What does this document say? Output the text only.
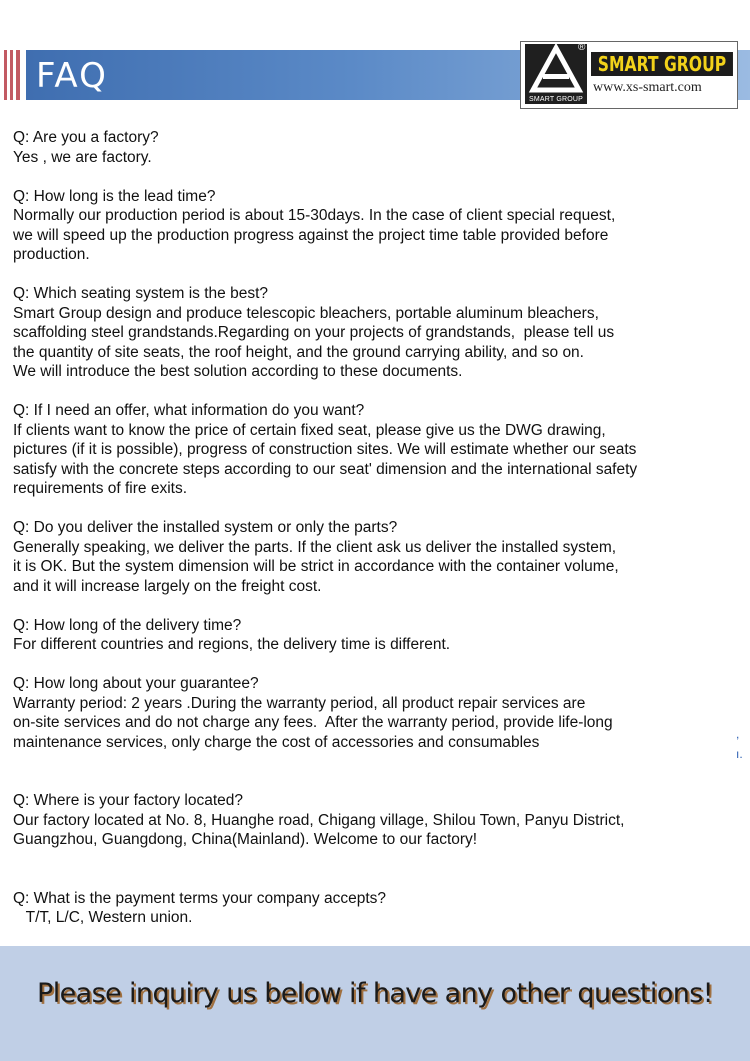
FAQ
SMART GROUP
®
SMART GROUP
www.xs-smart.com

Q: Are you a factory?

Yes , we are factory.

Q: How long is the lead time?

Normally our production period is about 15-30days. In the case of client special request,

we will speed up the production progress against the project time table provided before

production.

Q: Which seating system is the best?

Smart Group design and produce telescopic bleachers, portable aluminum bleachers,

scaffolding steel grandstands.Regarding on your projects of grandstands,  please tell us

the quantity of site seats, the roof height, and the ground carrying ability, and so on.

We will introduce the best solution according to these documents.

Q: If I need an offer, what information do you want?

If clients want to know the price of certain fixed seat, please give us the DWG drawing,

pictures (if it is possible), progress of construction sites. We will estimate whether our seats

satisfy with the concrete steps according to our seat' dimension and the international safety

requirements of fire exits.

Q: Do you deliver the installed system or only the parts?

Generally speaking, we deliver the parts. If the client ask us deliver the installed system,

it is OK. But the system dimension will be strict in accordance with the container volume,

and it will increase largely on the freight cost.

Q: How long of the delivery time?

For different countries and regions, the delivery time is different.

Q: How long about your guarantee?

Warranty period: 2 years .During the warranty period, all product repair services are

on-site services and do not charge any fees.  After the warranty period, provide life-long

maintenance services, only charge the cost of accessories and consumables

Q: Where is your factory located?

Our factory located at No. 8, Huanghe road, Chigang village, Shilou Town, Panyu District,

Guangzhou, Guangdong, China(Mainland). Welcome to our factory!

Q: What is the payment terms your company accepts?

T/T, L/C, Western union.

,
ı.
Please inquiry us below if have any other questions!
